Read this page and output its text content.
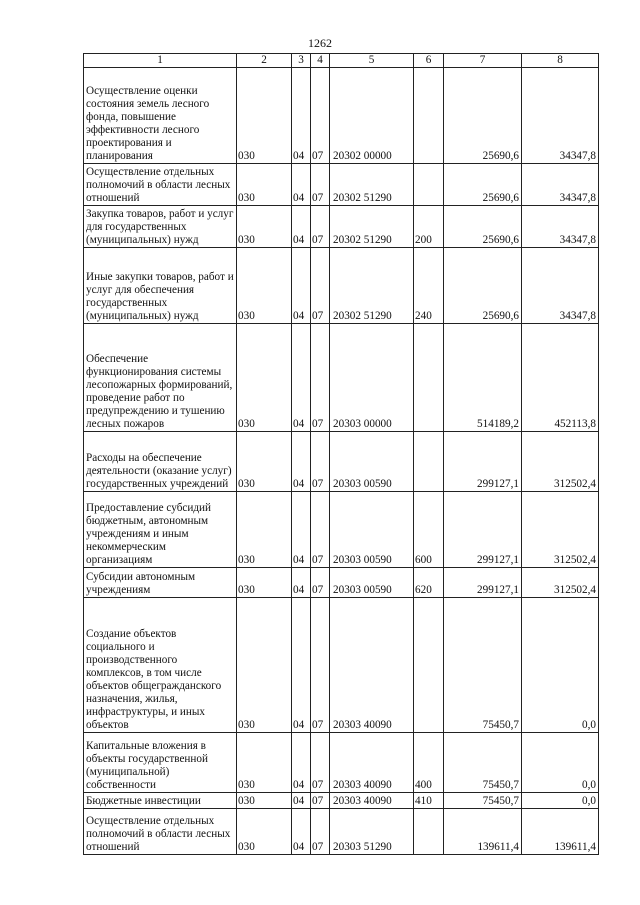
1262
1	2	3	4	5	6	7	8
Осуществление оценки состояния земель лесного фонда, повышение эффективности лесного проектирования и планирования	030	04	07	20302 00000		25690,6	34347,8
Осуществление отдельных полномочий в области лесных отношений	030	04	07	20302 51290		25690,6	34347,8
Закупка товаров, работ и услуг для государственных (муниципальных) нужд	030	04	07	20302 51290	200	25690,6	34347,8
Иные закупки товаров, работ и услуг для обеспечения государственных (муниципальных) нужд	030	04	07	20302 51290	240	25690,6	34347,8
Обеспечение функционирования системы лесопожарных формирований, проведение работ по предупреждению и тушению лесных пожаров	030	04	07	20303 00000		514189,2	452113,8
Расходы на обеспечение деятельности (оказание услуг) государственных учреждений	030	04	07	20303 00590		299127,1	312502,4
Предоставление субсидий бюджетным, автономным учреждениям и иным некоммерческим организациям	030	04	07	20303 00590	600	299127,1	312502,4
Субсидии автономным учреждениям	030	04	07	20303 00590	620	299127,1	312502,4
Создание объектов социального и производственного комплексов, в том числе объектов общегражданского назначения, жилья, инфраструктуры, и иных объектов	030	04	07	20303 40090		75450,7	0,0
Капитальные вложения в объекты государственной (муниципальной) собственности	030	04	07	20303 40090	400	75450,7	0,0
Бюджетные инвестиции	030	04	07	20303 40090	410	75450,7	0,0
Осуществление отдельных полномочий в области лесных отношений	030	04	07	20303 51290		139611,4	139611,4
